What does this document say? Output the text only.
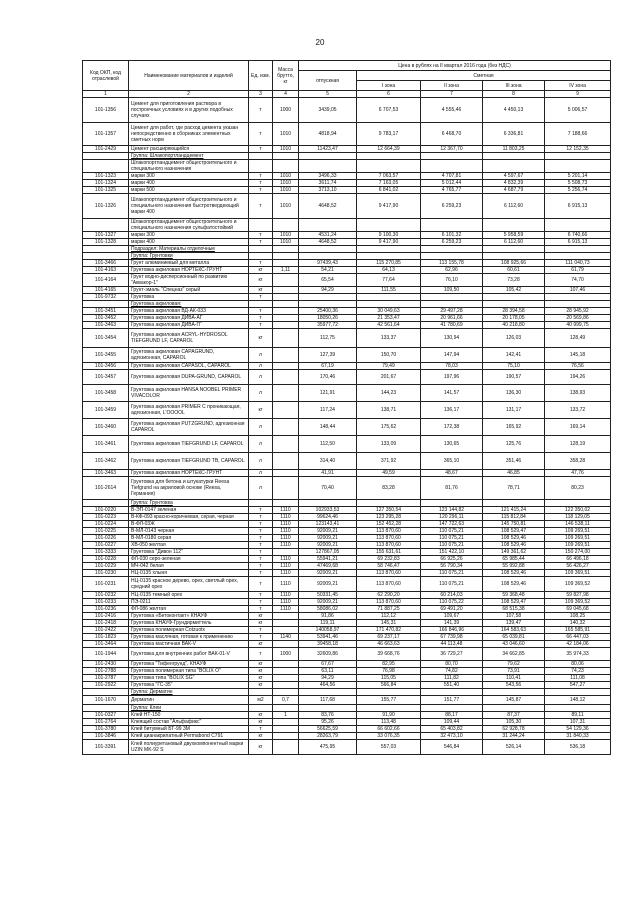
20
Код ОКП, код отраслевой	Наименование материалов и изделий	Ед. изм.	Масса брутто, кг	Цена в рублях на II квартал 2016 года (без НДС)				
				отпускная	Сметная			
					I зона	II зона	III зона	IV зона
1	2	3	4	5	6	7	8	9
101-1356	Цемент для приготовления раствора в построечных условиях и в других подобных случаях	т	1000	3439,05	6 707,53	4 555,46	4 450,13	5 006,57
101-1357	Цемент для работ, где расход цемента указан непосредственно в сборниках элементных сметных норм	т	1010	4818,94	9 783,17	6 468,70	6 336,81	7 188,66
101-2429	Цемент расширяющийся	т	1010	11423,47	12 664,39	12 367,70	11 803,25	12 152,35
	Группа: Шлакопортландцемент							
	Шлакопортландцемент общестроительного и специального назначения							
101-1323	марки 300	т	1010	3496,33	7 063,57	4 707,81	4 597,67	5 201,14
101-1324	марки 400	т	1010	3611,74	7 163,05	5 012,44	4 832,39	5 508,73
101-1325	марки 500	т	1010	3713,10	6 841,02	4 765,77	4 687,79	5 256,74
101-1326	Шлакопортландцемент общестроительного и специального назначения быстротвердеющий марки 400	т	1010	4648,52	9 417,90	6 259,23	6 112,60	6 915,13
	Шлакопортландцемент общестроительного и специального назначения сульфатостойкий							
101-1327	марки 300	т	1010	4531,24	9 100,30	6 101,32	5 958,59	6 740,66
101-1328	марки 400	т	1010	4648,52	9 417,90	6 259,23	6 112,60	6 915,13
	Подраздел: Материалы отделочные							
	Группа: Грунтовки							
101-3466	Грунт алюминиевый для металла	т		97439,43	115 270,85	113 155,78	108 925,66	111 040,73
101-4163	Грунтовка акриловая НОРТЕКС-ГРУНТ	кг	1,11	54,21	64,13	62,96	60,61	61,79
101-4164	Грунт водно-дисперсионный по развитию "Аквакор-1"	кг		65,54	77,64	76,10	73,28	74,70
101-4165	Грунт-эмаль "Спецназ" серый	кг		94,29	111,55	109,50	105,42	107,46
101-9732	Грунтовка	т						
	Грунтовка акриловая:							
101-3451	Грунтовка акриловая ВД-АК-033	т		25400,36	30 049,63	29 497,28	28 394,58	28 945,92
101-3452	Грунтовка акриловая ДИВА-АГ	т		18050,26	21 353,47	20 961,66	20 178,05	20 569,86
101-3463	Грунтовка акриловая ДИВА-ГГ	т		35977,72	42 561,64	41 780,69	40 218,80	40 999,75
101-3454	Грунтовка акриловая ACRYL-HYDROSOL TIEFGRUND LF, CAPAROL	кг		112,75	133,37	130,94	126,03	128,49
101-3455	Грунтовка акриловая CAPAGRUND, адгезионная, CAPAROL	л		127,39	150,70	147,94	142,41	145,18
101-3456	Грунтовка акриловая CAPASOL, CAPAROL	л		67,19	79,49	78,03	75,10	76,56
101-3457	Грунтовка акриловая DUPA-GRUND, CAPAROL	л		170,46	201,67	197,96	190,57	194,26
101-3458	Грунтовка акриловая HANSA NOOBEL PRIMER VIVACOLOR	л		121,91	144,23	141,57	136,30	138,93
101-3459	Грунтовка акриловая PRIMER C проникающая, адгезионная, L'OOOOL	кг		117,24	138,71	136,17	131,17	133,72
101-3460	Грунтовка акриловая PUTZGRUND, адгезионная CAPAROL	л		148,44	175,62	172,38	165,92	169,14
101-3461	Грунтовка акриловая TIEFGRUND LF, CAPAROL	л		112,50	133,09	130,65	125,76	128,19
101-3462	Грунтовка акриловая TIEFGRUND TB, CAPAROL	л		314,40	371,92	365,10	351,46	358,28
101-3463	Грунтовка акриловая НОРТЕКС-ГРУНТ	л		41,91	49,59	48,67	46,85	47,76
101-2614	Грунтовка для бетона и штукатурки Reesa Tiefgrund на акриловой основе (Reesa, Германия)	л		70,40	83,28	81,76	78,71	80,23
	Группа: Грунтовка							
101-0220	В-ЭП-0147 зеленая	т	1110	102933,53	127 350,54	123 144,82	121 415,24	122 350,02
101-0223	В-КФ-093 красно-коричневая, серая, черная	т	1110	99624,46	123 295,28	120 296,11	115 812,84	118 129,05
101-0224	В-ФЛ-03Ж	т	1110	123143,41	152 452,28	147 722,63	145 750,81	146 538,11
101-0225	В-МЛ-0143 черная	т	1110	92009,21	113 870,60	110 075,21	108 529,47	109 269,51
101-0226	В-МЛ-0180 серая	т	1110	92009,21	113 870,60	110 075,21	108 529,46	109 269,51
101-0227	ХВ-050 желтая	т	1110	92009,21	113 870,60	110 075,21	108 529,46	109 269,51
101-3333	Грунтовка "Дивон 112"	т		127867,05	155 631,61	151 422,10	149 361,62	150 274,00
101-0228	ФЛ-030 серо-зеленая	т	1110	55941,21	69 232,83	66 925,26	65 985,44	66 496,18
101-0229	МЧ-042 белая	т	1110	47469,68	58 746,47	56 790,34	55 992,88	56 426,27
101-0230	НЦ-0135 хлыня	т	1110	92009,21	113 870,60	110 075,21	108 529,46	109 369,51
101-0231	НЦ-0135 красное дерево, орех, светлый орех, средний орех	т	1110	92009,21	113 870,60	110 075,21	108 529,46	109 369,52
101-0232	НЦ-0135 темный орех	т	1110	50331,45	62 290,20	60 214,03	59 368,48	59 827,98
101-0233	ПЭ-0211	т	1110	92009,21	113 870,60	110 075,22	108 529,47	109 369,52
101-0236	ФЛ-086 желтая	т	1110	58086,02	71 887,25	69 491,20	68 515,38	69 045,68
101-2416	Грунтовка «Бетоконтакт» КНАУФ	кг		91,86	112,12	109,67	107,58	108,25
101-2418	Грунтовка КНАУФ-Грундирмиттель	кг		119,11	145,31	141,39	139,47	140,32
101-2422	Грунтовка полимерная Cotzuotx	т		140058,97	171 470,82	166 846,96	164 583,63	165 585,91
101-1823	Грунтовка масляная, готовая к применению	т	1140	53941,46	69 237,17	67 739,98	65 039,81	66 447,03
101-3464	Грунтовка мастичная ВАК-V	кг		39458,18	46 663,63	44 113,48	43 046,60	42 184,06
101-1944	Грунтовка для внутренних работ ВАК-01-V	т	1000	32609,86	39 668,76	36 729,27	34 662,85	35 974,33
101-2430	Грунтовка "Тифенгрунд", КНАУФ	кг		67,67	82,95	80,70	79,62	80,06
101-2788	Грунтовка полимерная типа "BOLIX O"	кг		63,11	76,98	74,82	73,91	74,23
101-2787	Грунтовка типа "BOLIX SG"	кг		94,29	115,05	111,82	110,41	111,08
101-2922	Грунтовка "ГС-35"	кг		464,56	566,84	551,40	543,56	547,27
	Группа: Дерматин							
101-1670	Дерматин	м2	0,7	117,68	155,77	151,77	145,87	148,12
	Группа: Клеи							
101-0327	Клей НТ-150	кг	1	83,76	91,90	88,17	87,37	89,11
101-2764	Клеящий состав "Альфафикс"	кг		95,26	113,48	109,44	105,30	107,31
101-3780	Клей битумный БТ-99 3М	т		56625,59	66 602,66	65 403,82	62 928,78	54 129,36
101-3846	Клей цианакрилатный Permabond C791	кг		28263,79	33 076,35	32 473,10	31 244,24	31 840,33
101-3391	Клей полиуретановый двухкомпонентный марки UZIN MK-92 S	кг		475,95	557,03	546,84	526,14	536,18
